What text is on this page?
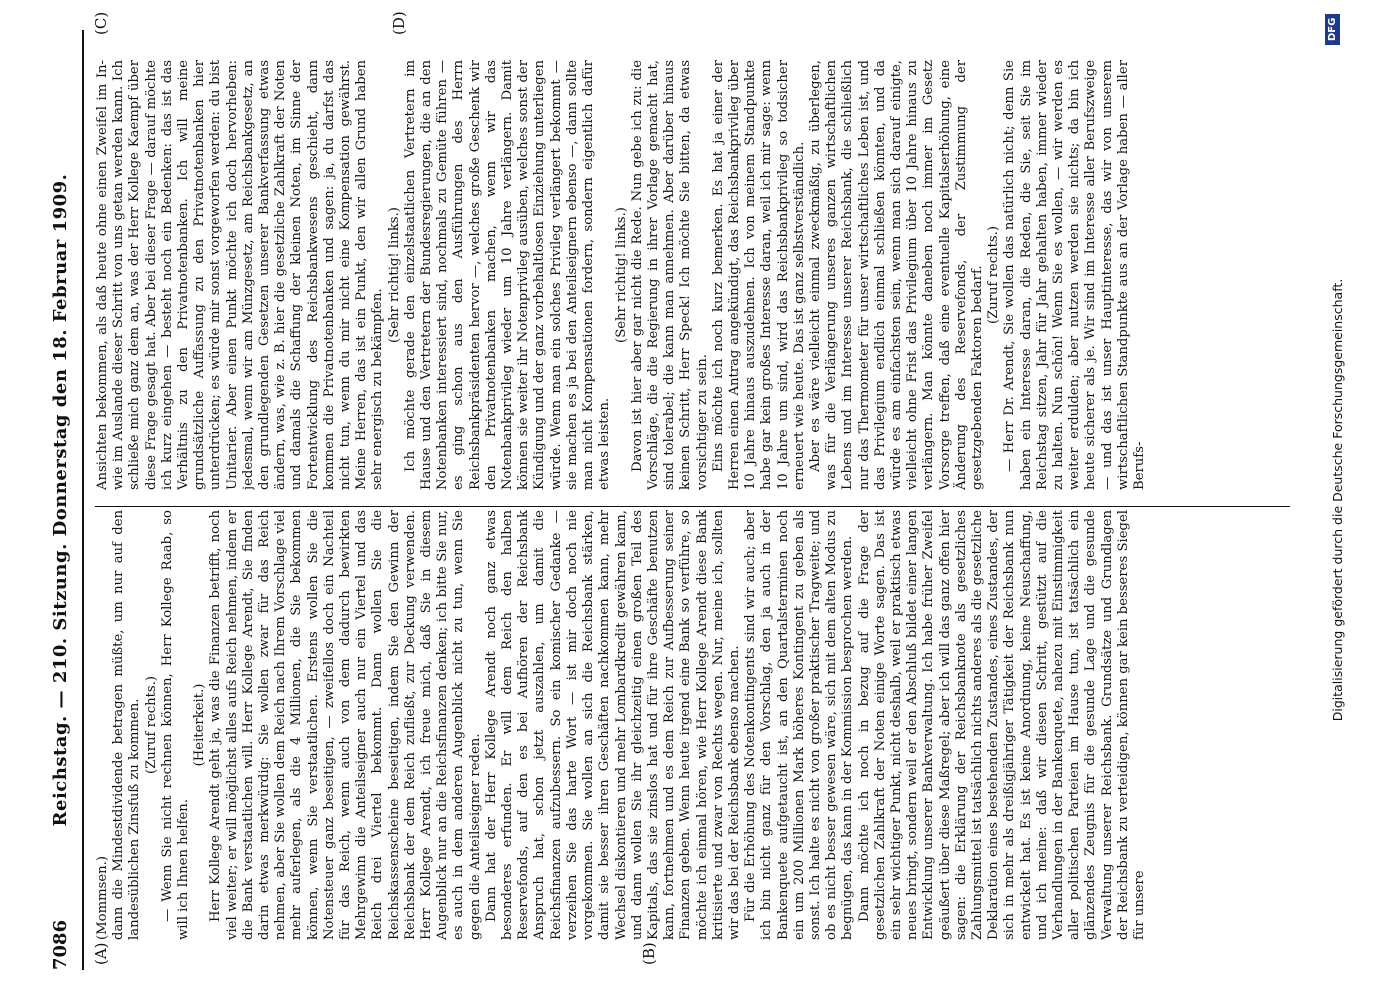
7086
Reichstag. — 210. Sitzung. Donnerstag den 18. Februar 1909.
(A)	(B)
(C)	(D)

(Mommsen.) dann die Mindestdividende betragen müßte, um nur auf den landesüblichen Zinsfuß zu kommen. (Zuruf rechts.) — Wenn Sie nicht rechnen können, Herr Kollege Raab, so will ich Ihnen helfen.

(Heiterkeit.) Herr Kollege Arendt geht ja, was die Finanzen betrifft, noch viel weiter; er will möglichst alles aufs Reich nehmen, indem er die Bank verstaatlichen will. Herr Kollege Arendt, Sie finden darin etwas merkwürdig: Sie wollen zwar für das Reich nehmen, aber Sie wollen dem Reich nach Ihrem Vorschlage viel mehr auferlegen, als die 4 Millionen, die Sie bekommen können, wenn Sie verstaatlichen. Erstens wollen Sie die Notensteuer ganz beseitigen, — zweifellos doch ein Nachteil für das Reich, wenn auch von dem dadurch bewirkten Mehrgewinn die Anteilseigner auch nur ein Viertel und das Reich drei Viertel bekommt. Dann wollen Sie die Reichskassenscheine beseitigen, indem Sie den Gewinn der Reichsbank der dem Reich zufließt, zur Deckung verwenden. Herr Kollege Arendt, ich freue mich, daß Sie in diesem Augenblick nur an die Reichsfinanzen denken; ich bitte Sie nur, es auch in dem anderen Augenblick nicht zu tun, wenn Sie gegen die Anteilseigner reden. Dann hat der Herr Kollege Arendt noch ganz etwas besonderes erfunden. Er will dem Reich den halben Reservefonds, auf den es bei Aufhören der Reichsbank Anspruch hat, schon jetzt auszahlen, um damit die Reichsfinanzen aufzubessern. So ein komischer Gedanke — verzeihen Sie das harte Wort — ist mir doch noch nie vorgekommen. Sie wollen an sich die Reichsbank stärken, damit sie besser ihren Geschäften nachkommen kann, mehr Wechsel diskontieren und mehr Lombardkredit gewähren kann, und dann wollen Sie ihr gleichzeitig einen großen Teil des Kapitals, das sie zinslos hat und für ihre Geschäfte benutzen kann, fortnehmen und es dem Reich zur Aufbesserung seiner Finanzen geben. Wenn heute irgend eine Bank so verführe, so möchte ich einmal hören, wie Herr Kollege Arendt diese Bank kritisierte und zwar von Rechts wegen. Nur, meine ich, sollten wir das bei der Reichsbank ebenso machen. Für die Erhöhung des Notenkontingents sind wir auch; aber ich bin nicht ganz für den Vorschlag, den ja auch in der Bankenquete aufgetaucht ist, an den Quartalsterminen noch ein um 200 Millionen Mark höheres Kontingent zu geben als sonst. Ich halte es nicht von großer praktischer Tragweite; und ob es nicht besser gewesen wäre, sich mit dem alten Modus zu begnügen, das kann in der Kommission besprochen werden. Dann möchte ich noch in bezug auf die Frage der gesetzlichen Zahlkraft der Noten einige Worte sagen. Das ist ein sehr wichtiger Punkt, nicht deshalb, weil er praktisch etwas neues bringt, sondern weil er den Abschluß bildet einer langen Entwicklung unserer Bankverwaltung. Ich habe früher Zweifel geäußert über diese Maßregel; aber ich will das ganz offen hier sagen: die Erklärung der Reichsbanknote als gesetzliches Zahlungsmittel ist tatsächlich nichts anderes als die gesetzliche Deklaration eines bestehenden Zustandes, eines Zustandes, der sich in mehr als dreißigjähriger Tätigkeit der Reichsbank nun entwickelt hat. Es ist keine Anordnung, keine Neuschaffung, und ich meine: daß wir diesen Schritt, gestützt auf die Verhandlungen in der Bankenquete, nahezu mit Einstimmigkeit aller politischen Parteien im Hause tun, ist tatsächlich ein glänzendes Zeugnis für die gesunde Lage und die gesunde Verwaltung unserer Reichsbank. Grundsätze und Grundlagen der Reichsbank zu verteidigen, können gar kein besseres Siegel für unsere

Ansichten bekommen, als daß heute ohne einen Zweifel im In- wie im Auslande dieser Schritt von uns getan werden kann. Ich schließe mich ganz dem an, was der Herr Kollege Kaempf über diese Frage gesagt hat. Aber bei dieser Frage — darauf möchte ich kurz eingehen — besteht noch ein Bedenken: das ist das Verhältnis zu den Privatnotenbanken. Ich will meine grundsätzliche Auffassung zu den Privatnotenbanken hier unterdrücken; es würde mir sonst vorgeworfen werden: du bist Unitarier. Aber einen Punkt möchte ich doch hervorheben: jedesmal, wenn wir am Münzgesetz, am Reichsbankgesetz, an den grundlegenden Gesetzen unserer Bankverfassung etwas ändern, was, wie z. B. hier die gesetzliche Zahlkraft der Noten und damals die Schaffung der kleinen Noten, im Sinne der Fortentwicklung des Reichsbankwesens geschieht, dann kommen die Privatnotenbanken und sagen: ja, du darfst das nicht tun, wenn du mir nicht eine Kompensation gewährst. Meine Herren, das ist ein Punkt, den wir allen Grund haben sehr energisch zu bekämpfen.

(Sehr richtig! links.) Ich möchte gerade den einzelstaatlichen Vertretern im Hause und den Vertretern der Bundesregierungen, die an den Notenbanken interessiert sind, nochmals zu Gemüte führen — es ging schon aus den Ausführungen des Herrn Reichsbankpräsidenten hervor —, welches große Geschenk wir den Privatnotenbanken machen, wenn wir das Notenbankprivileg wieder um 10 Jahre verlängern. Damit können sie weiter ihr Notenprivileg ausüben, welches sonst der Kündigung und der ganz vorbehaltlosen Einziehung unterliegen würde. Wenn man ein solches Privileg verlängert bekommt — sie machen es ja bei den Anteilseignern ebenso —, dann sollte man nicht Kompensationen fordern, sondern eigentlich dafür etwas leisten.

(Sehr richtig! links.) Davon ist hier aber gar nicht die Rede. Nun gebe ich zu: die Vorschläge, die die Regierung in ihrer Vorlage gemacht hat, sind tolerabel; die kann man annehmen. Aber darüber hinaus keinen Schritt, Herr Speck! Ich möchte Sie bitten, da etwas vorsichtiger zu sein. Eins möchte ich noch kurz bemerken. Es hat ja einer der Herren einen Antrag angekündigt, das Reichsbankprivileg über 10 Jahre hinaus auszudehnen. Ich von meinem Standpunkte habe gar kein großes Interesse daran, weil ich mir sage: wenn 10 Jahre um sind, wird das Reichsbankprivileg so todsicher erneuert wie heute. Das ist ganz selbstverständlich. Aber es wäre vielleicht einmal zweckmäßig, zu überlegen, was für die Verlängerung unseres ganzen wirtschaftlichen Lebens und im Interesse unserer Reichsbank, die schließlich nur das Thermometer für unser wirtschaftliches Leben ist, und das Privilegium endlich einmal schließen könnten, und da würde es am einfachsten sein, wenn man sich darauf einigte, vielleicht ohne Frist das Privilegium über 10 Jahre hinaus zu verlängern. Man könnte daneben noch immer im Gesetz Vorsorge treffen, daß eine eventuelle Kapitalserhöhung, eine Änderung des Reservefonds, der Zustimmung der gesetzgebenden Faktoren bedarf. (Zuruf rechts.) — Herr Dr. Arendt, Sie wollen das natürlich nicht; denn Sie haben ein Interesse daran, die Reden, die Sie, seit Sie im Reichstag sitzen, Jahr für Jahr gehalten haben, immer wieder zu halten. Nun schön! Wenn Sie es wollen, — wir werden es weiter erdulden; aber nutzen werden sie nichts; da bin ich heute sicherer als je. Wir sind im Interesse aller Berufszweige — und das ist unser Hauptinteresse, das wir von unserem wirtschaftlichen Standpunkte aus an der Vorlage haben — aller Berufs-	Digitalisierung gefördert durch die Deutsche Forschungsgemeinschaft.
DFG
